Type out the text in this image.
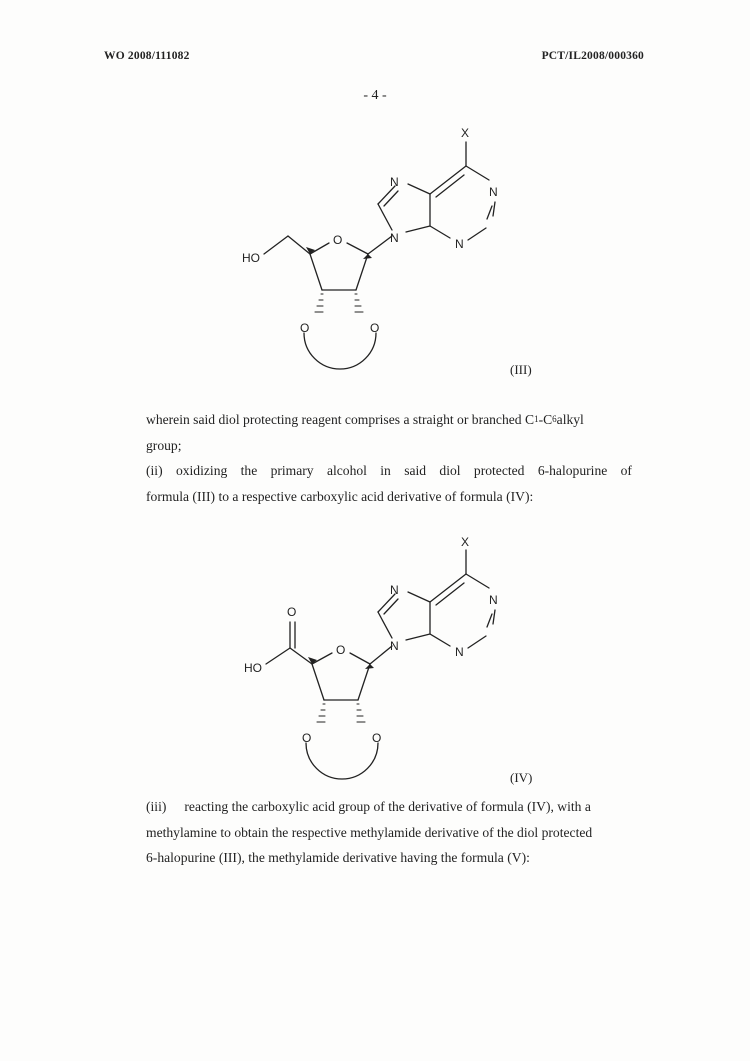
WO 2008/111082	PCT/IL2008/000360
- 4 -
X
N
N
N
N
O
O	O
HO
(III)
wherein said diol protecting reagent comprises a straight or branched C 1 -C 6 alkyl
group;
(ii) oxidizing the primary alcohol in said diol protected 6-halopurine of
formula (III) to a respective carboxylic acid derivative of formula (IV):
X
N
N
N
N
O
O	O
O
HO
(IV)
(iii) reacting the carboxylic acid group of the derivative of formula (IV), with a
methylamine to obtain the respective methylamide derivative of the diol protected
6-halopurine (III), the methylamide derivative having the formula (V):
